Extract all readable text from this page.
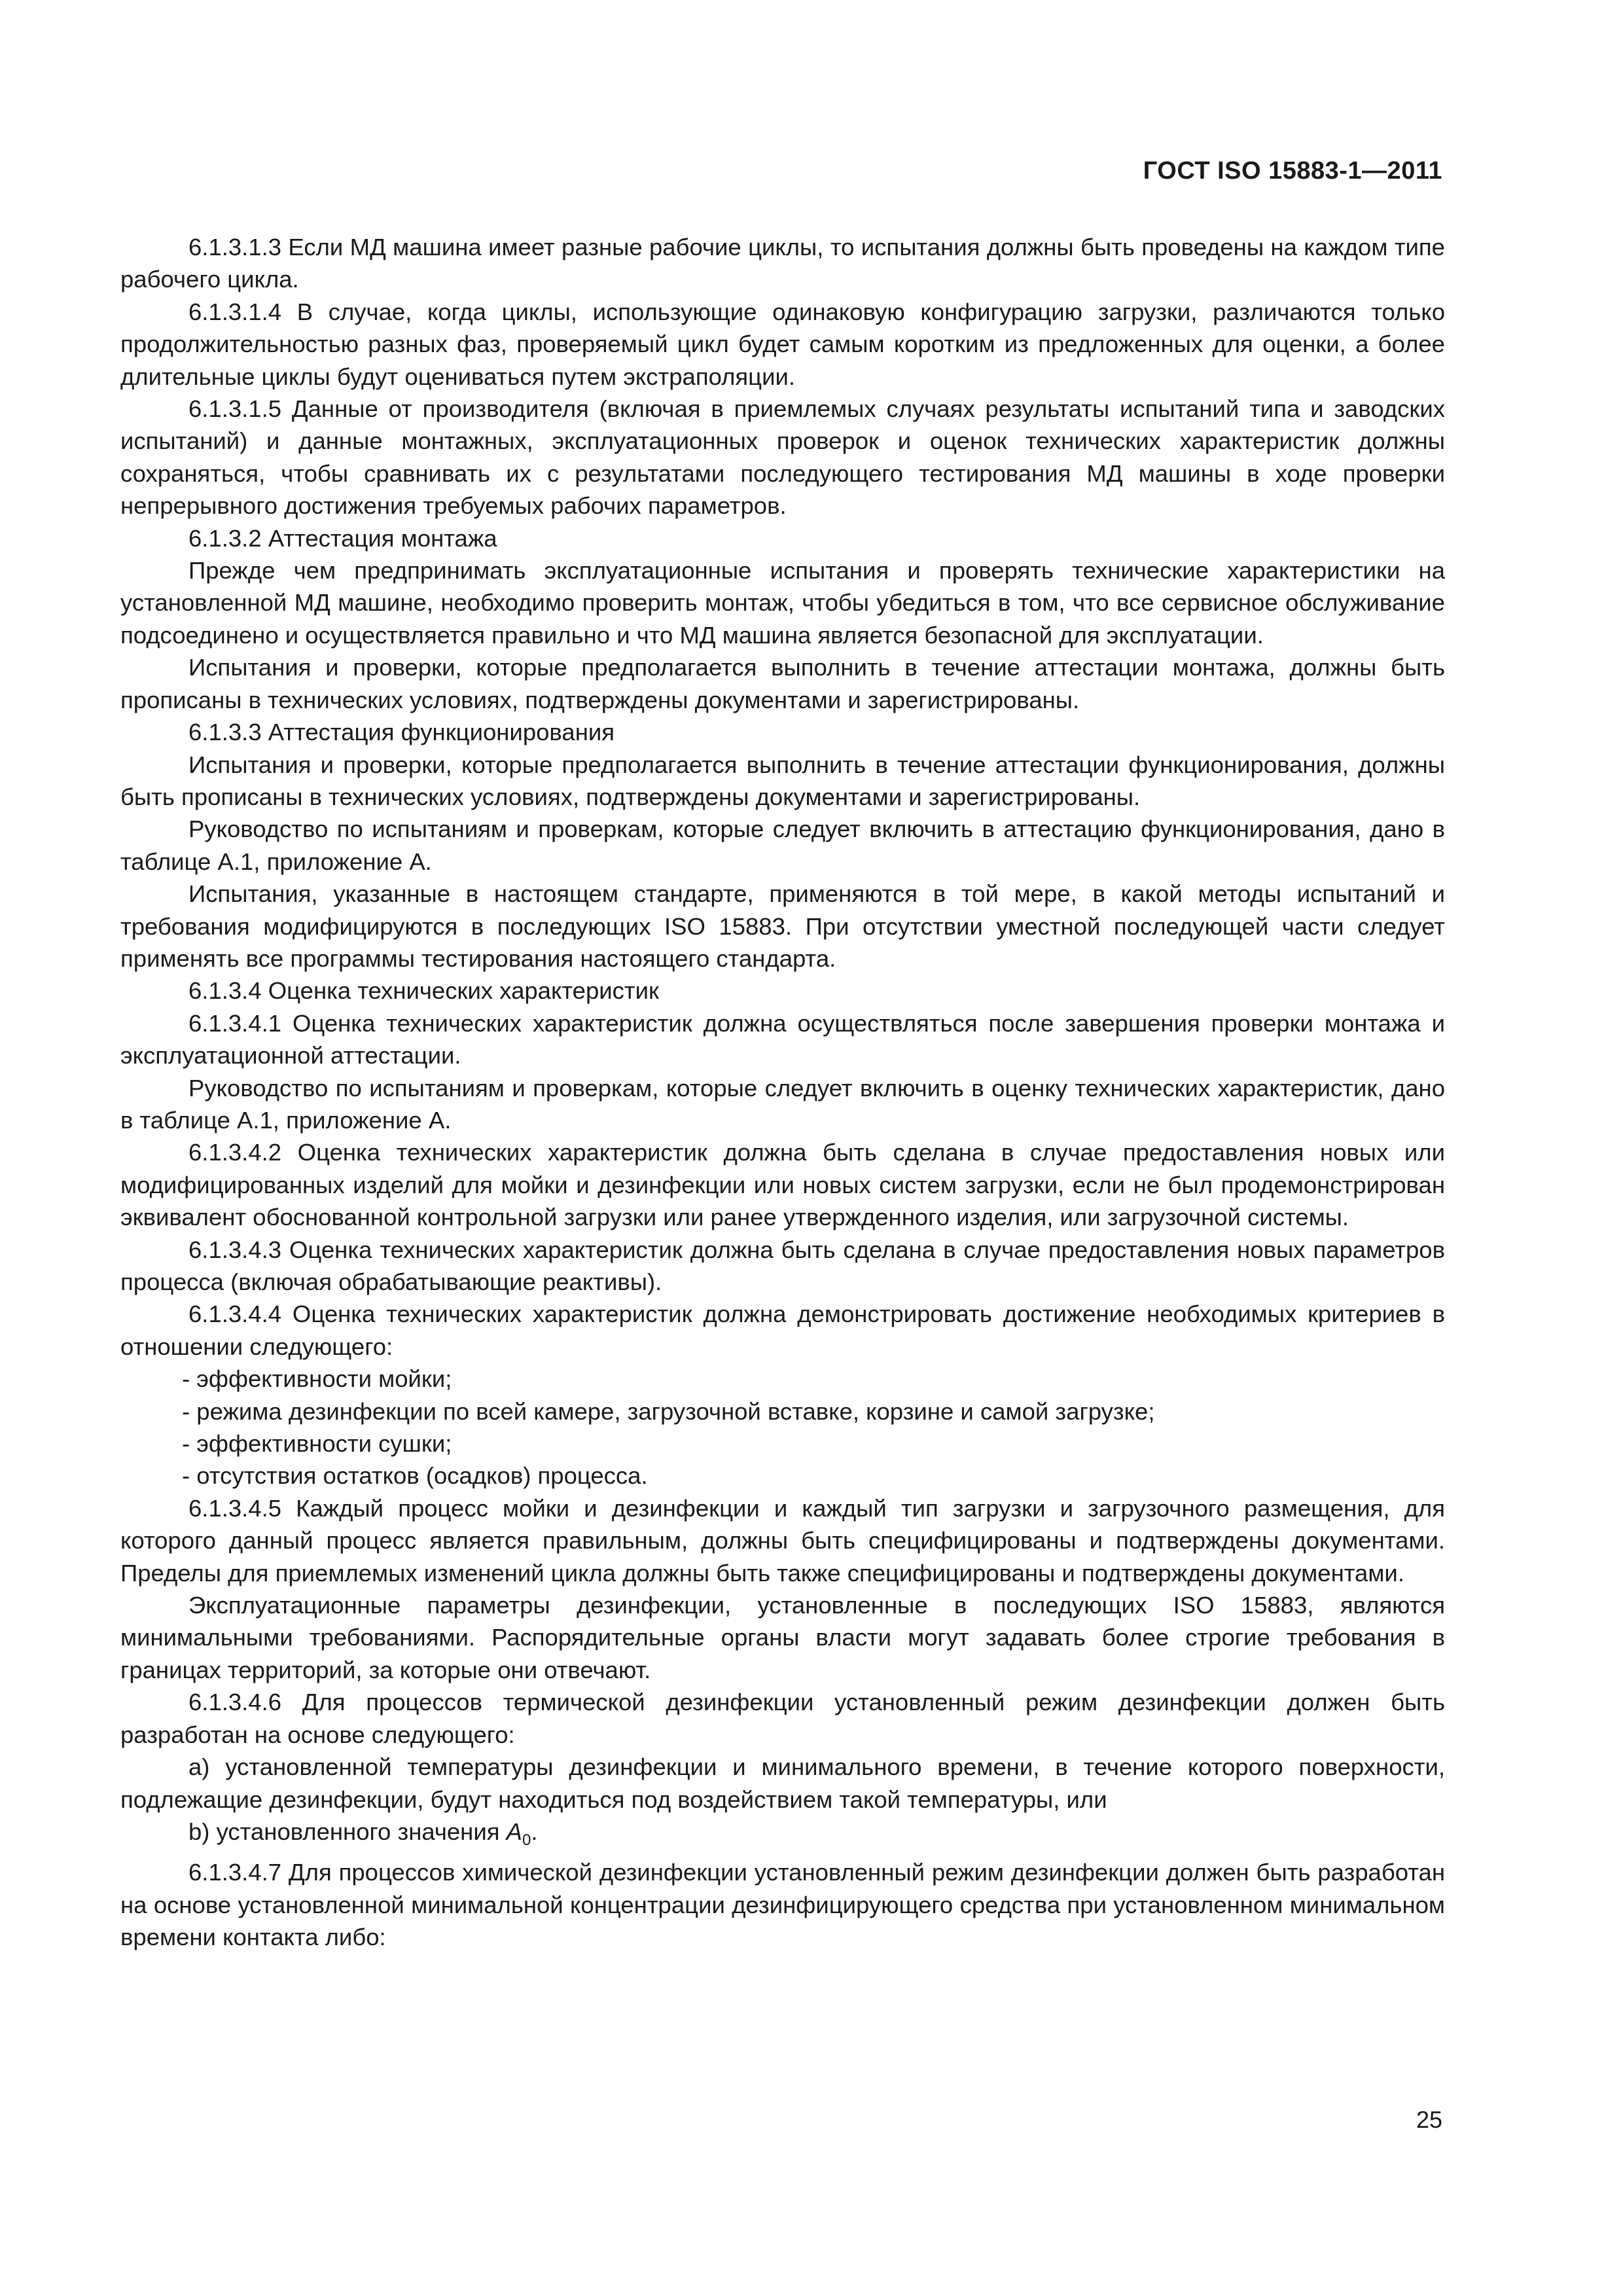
ГОСТ ISO 15883-1—2011

6.1.3.1.3 Если МД машина имеет разные рабочие циклы, то испытания должны быть проведены на каждом типе рабочего цикла.

6.1.3.1.4 В случае, когда циклы, использующие одинаковую конфигурацию загрузки, различаются только продолжительностью разных фаз, проверяемый цикл будет самым коротким из предложенных для оценки, а более длительные циклы будут оцениваться путем экстраполяции.

6.1.3.1.5 Данные от производителя (включая в приемлемых случаях результаты испытаний типа и заводских испытаний) и данные монтажных, эксплуатационных проверок и оценок технических характеристик должны сохраняться, чтобы сравнивать их с результатами последующего тестирования МД машины в ходе проверки непрерывного достижения требуемых рабочих параметров.

6.1.3.2 Аттестация монтажа

Прежде чем предпринимать эксплуатационные испытания и проверять технические характеристики на установленной МД машине, необходимо проверить монтаж, чтобы убедиться в том, что все сервисное обслуживание подсоединено и осуществляется правильно и что МД машина является безопасной для эксплуатации.

Испытания и проверки, которые предполагается выполнить в течение аттестации монтажа, должны быть прописаны в технических условиях, подтверждены документами и зарегистрированы.

6.1.3.3 Аттестация функционирования

Испытания и проверки, которые предполагается выполнить в течение аттестации функционирования, должны быть прописаны в технических условиях, подтверждены документами и зарегистрированы.

Руководство по испытаниям и проверкам, которые следует включить в аттестацию функционирования, дано в таблице А.1, приложение А.

Испытания, указанные в настоящем стандарте, применяются в той мере, в какой методы испытаний и требования модифицируются в последующих ISO 15883. При отсутствии уместной последующей части следует применять все программы тестирования настоящего стандарта.

6.1.3.4 Оценка технических характеристик

6.1.3.4.1 Оценка технических характеристик должна осуществляться после завершения проверки монтажа и эксплуатационной аттестации.

Руководство по испытаниям и проверкам, которые следует включить в оценку технических характеристик, дано в таблице А.1, приложение А.

6.1.3.4.2 Оценка технических характеристик должна быть сделана в случае предоставления новых или модифицированных изделий для мойки и дезинфекции или новых систем загрузки, если не был продемонстрирован эквивалент обоснованной контрольной загрузки или ранее утвержденного изделия, или загрузочной системы.

6.1.3.4.3 Оценка технических характеристик должна быть сделана в случае предоставления новых параметров процесса (включая обрабатывающие реактивы).

6.1.3.4.4 Оценка технических характеристик должна демонстрировать достижение необходимых критериев в отношении следующего:

- эффективности мойки;

- режима дезинфекции по всей камере, загрузочной вставке, корзине и самой загрузке;

- эффективности сушки;

- отсутствия остатков (осадков) процесса.

6.1.3.4.5 Каждый процесс мойки и дезинфекции и каждый тип загрузки и загрузочного размещения, для которого данный процесс является правильным, должны быть специфицированы и подтверждены документами. Пределы для приемлемых изменений цикла должны быть также специфицированы и подтверждены документами.

Эксплуатационные параметры дезинфекции, установленные в последующих ISO 15883, являются минимальными требованиями. Распорядительные органы власти могут задавать более строгие требования в границах территорий, за которые они отвечают.

6.1.3.4.6 Для процессов термической дезинфекции установленный режим дезинфекции должен быть разработан на основе следующего:

а) установленной температуры дезинфекции и минимального времени, в течение которого поверхности, подлежащие дезинфекции, будут находиться под воздействием такой температуры, или

b) установленного значения $A_0$.

6.1.3.4.7 Для процессов химической дезинфекции установленный режим дезинфекции должен быть разработан на основе установленной минимальной концентрации дезинфицирующего средства при установленном минимальном времени контакта либо:

25
